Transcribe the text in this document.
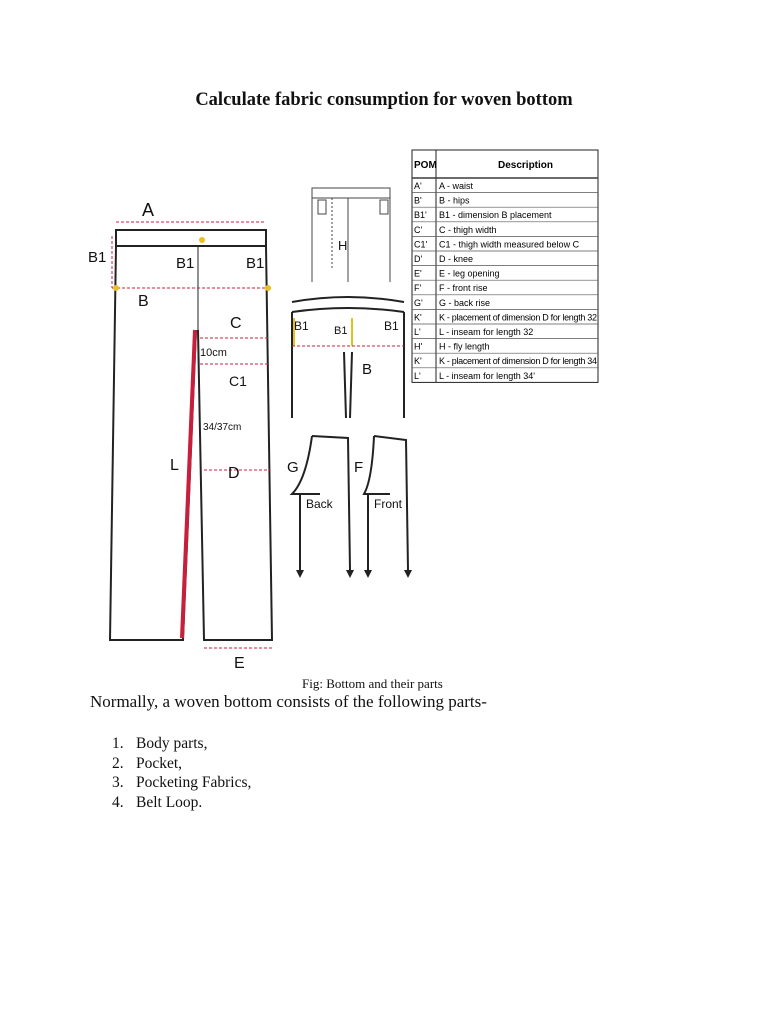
Calculate fabric consumption for woven bottom
A
B1	B1	B1
B
C
10cm
C1
34/37cm
L	D
E
H
B1 B1	B1
B
G	F
Back	Front
POM	Description
A' A - waist
B' B - hips
B1' B1 - dimension B placement
C' C - thigh width
C1' C1 - thigh width measured below C
D' D - knee
E' E - leg opening
F' F - front rise
G' G - back rise
K' K - placement of dimension D for length 32
L' L - inseam for length 32
H' H - fly length
K' K - placement of dimension D for length 34
L' L - inseam for length 34'
Fig: Bottom and their parts
Normally, a woven bottom consists of the following parts-
1. Body parts,
2. Pocket,
3. Pocketing Fabrics,
4. Belt Loop.
